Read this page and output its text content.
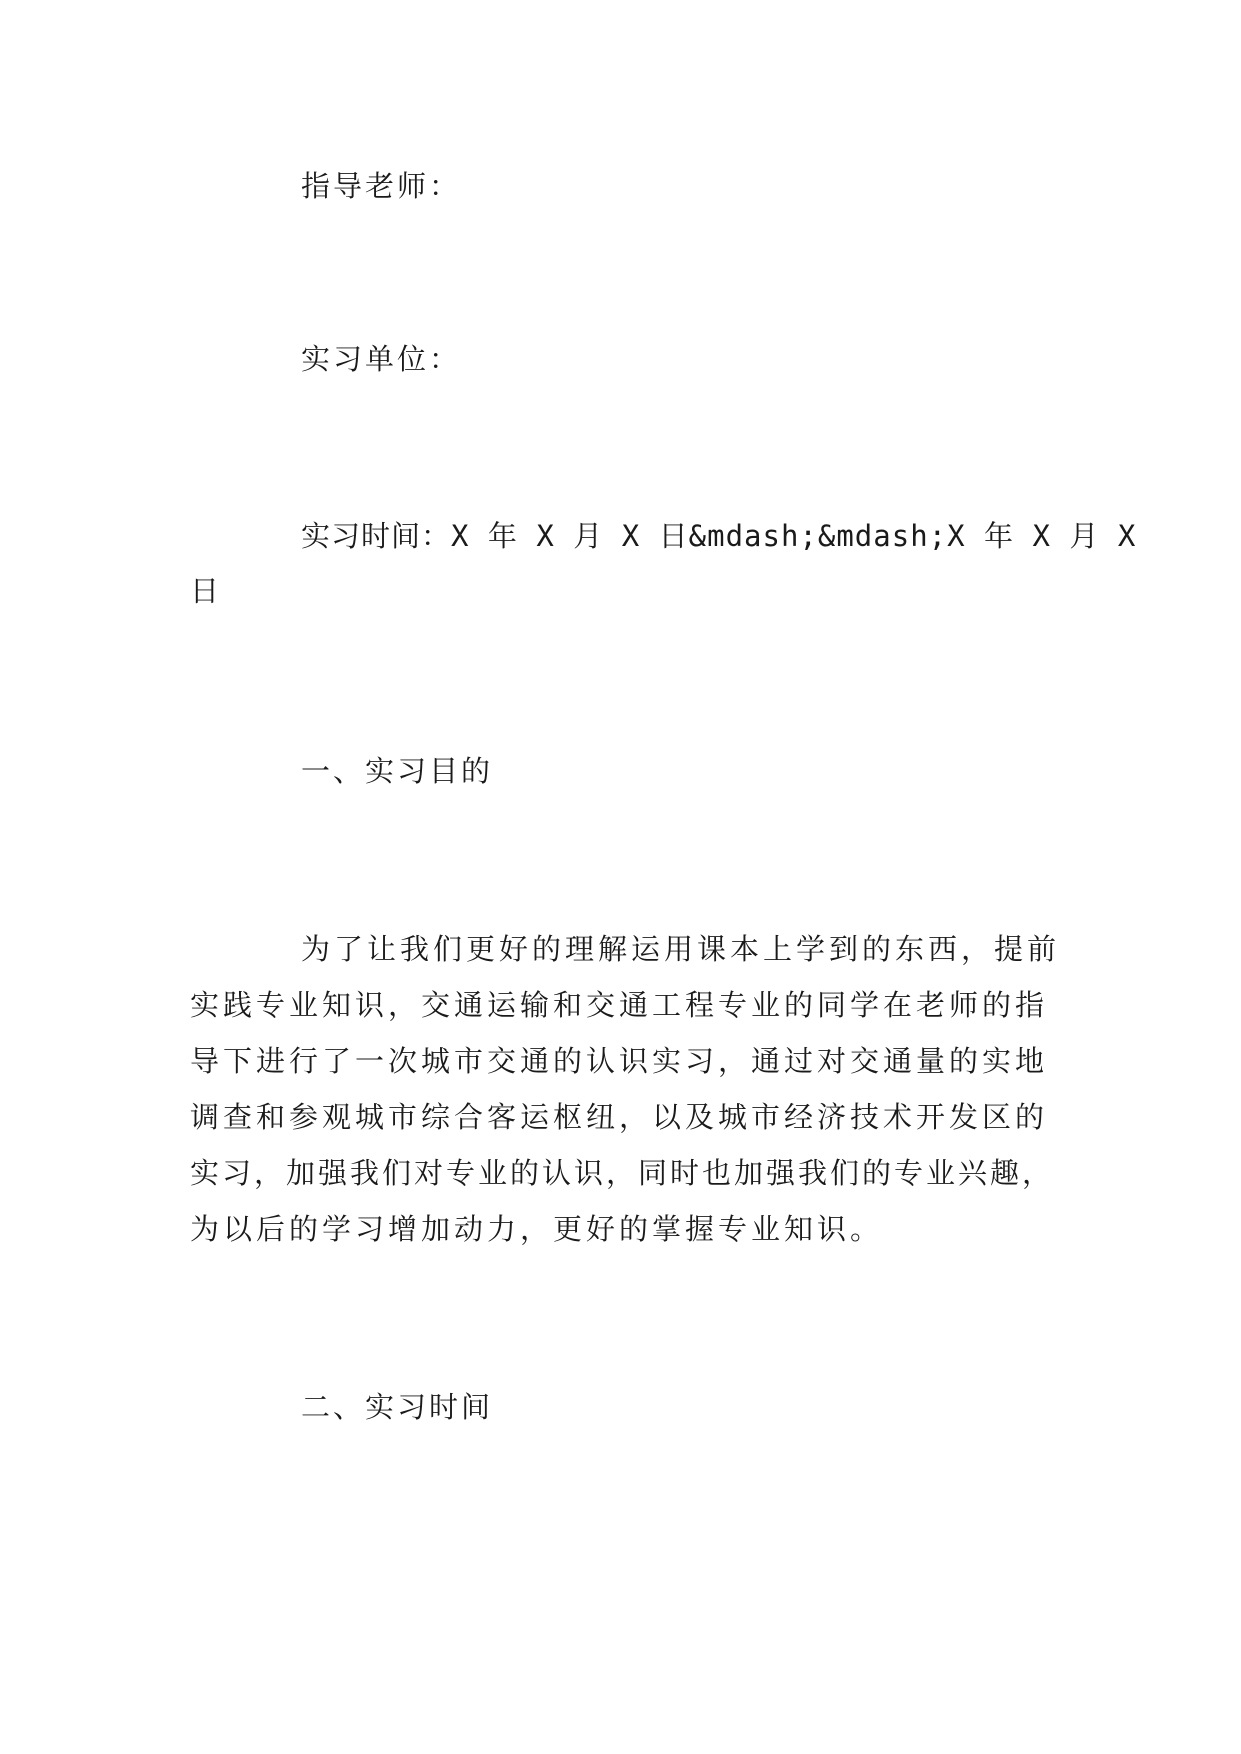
指导老师：
实习单位：
实习时间：X 年 X 月 X 日&mdash;&mdash;X 年 X 月 X
日
一、实习目的
为了让我们更好的理解运用课本上学到的东西，提前
实践专业知识，交通运输和交通工程专业的同学在老师的指
导下进行了一次城市交通的认识实习，通过对交通量的实地
调查和参观城市综合客运枢纽，以及城市经济技术开发区的
实习，加强我们对专业的认识，同时也加强我们的专业兴趣，
为以后的学习增加动力，更好的掌握专业知识。
二、实习时间
